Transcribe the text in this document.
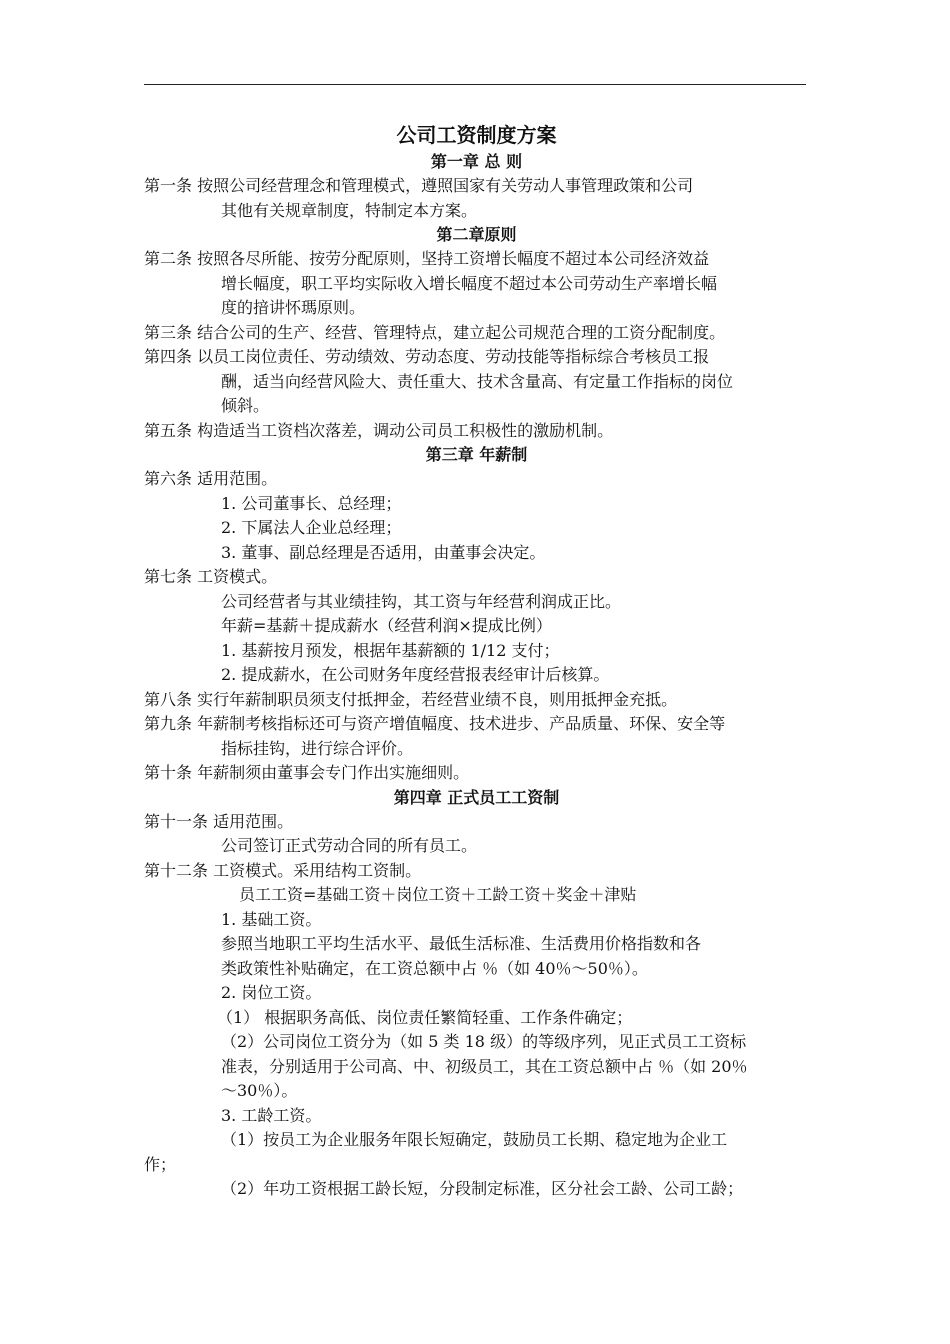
公司工资制度方案

第一章 总 则

第一条 按照公司经营理念和管理模式，遵照国家有关劳动人事管理政策和公司

其他有关规章制度，特制定本方案。

第二章原则

第二条 按照各尽所能、按劳分配原则，坚持工资增长幅度不超过本公司经济效益

增长幅度，职工平均实际收入增长幅度不超过本公司劳动生产率增长幅

度的揞讲怀瑪原则。

第三条 结合公司的生产、经营、管理特点，建立起公司规范合理的工资分配制度。

第四条 以员工岗位责任、劳动绩效、劳动态度、劳动技能等指标综合考核员工报

酬，适当向经营风险大、责任重大、技术含量高、有定量工作指标的岗位

倾斜。

第五条 构造适当工资档次落差，调动公司员工积极性的激励机制。

第三章 年薪制

第六条 适用范围。

1. 公司董事长、总经理；

2. 下属法人企业总经理；

3. 董事、副总经理是否适用，由董事会决定。

第七条 工资模式。

公司经营者与其业绩挂钩，其工资与年经营利润成正比。

年薪=基薪＋提成薪水（经营利润×提成比例）

1. 基薪按月预发，根据年基薪额的 1/12 支付；

2. 提成薪水，在公司财务年度经营报表经审计后核算。

第八条 实行年薪制职员须支付抵押金，若经营业绩不良，则用抵押金充抵。

第九条 年薪制考核指标还可与资产增值幅度、技术进步、产品质量、环保、安全等

指标挂钩，进行综合评价。

第十条 年薪制须由董事会专门作出实施细则。

第四章 正式员工工资制

第十一条 适用范围。

公司签订正式劳动合同的所有员工。

第十二条 工资模式。采用结构工资制。

员工工资=基础工资＋岗位工资＋工龄工资＋奖金＋津贴

1. 基础工资。

参照当地职工平均生活水平、最低生活标准、生活费用价格指数和各

类政策性补贴确定，在工资总额中占 ％（如 40％～50％）。

2. 岗位工资。

（1） 根据职务高低、岗位责任繁简轻重、工作条件确定；

（2）公司岗位工资分为（如 5 类 18 级）的等级序列，见正式员工工资标

准表，分别适用于公司高、中、初级员工，其在工资总额中占 ％（如 20％

～30％）。

3. 工龄工资。

（1）按员工为企业服务年限长短确定，鼓励员工长期、稳定地为企业工

作；

（2）年功工资根据工龄长短，分段制定标准，区分社会工龄、公司工龄；
